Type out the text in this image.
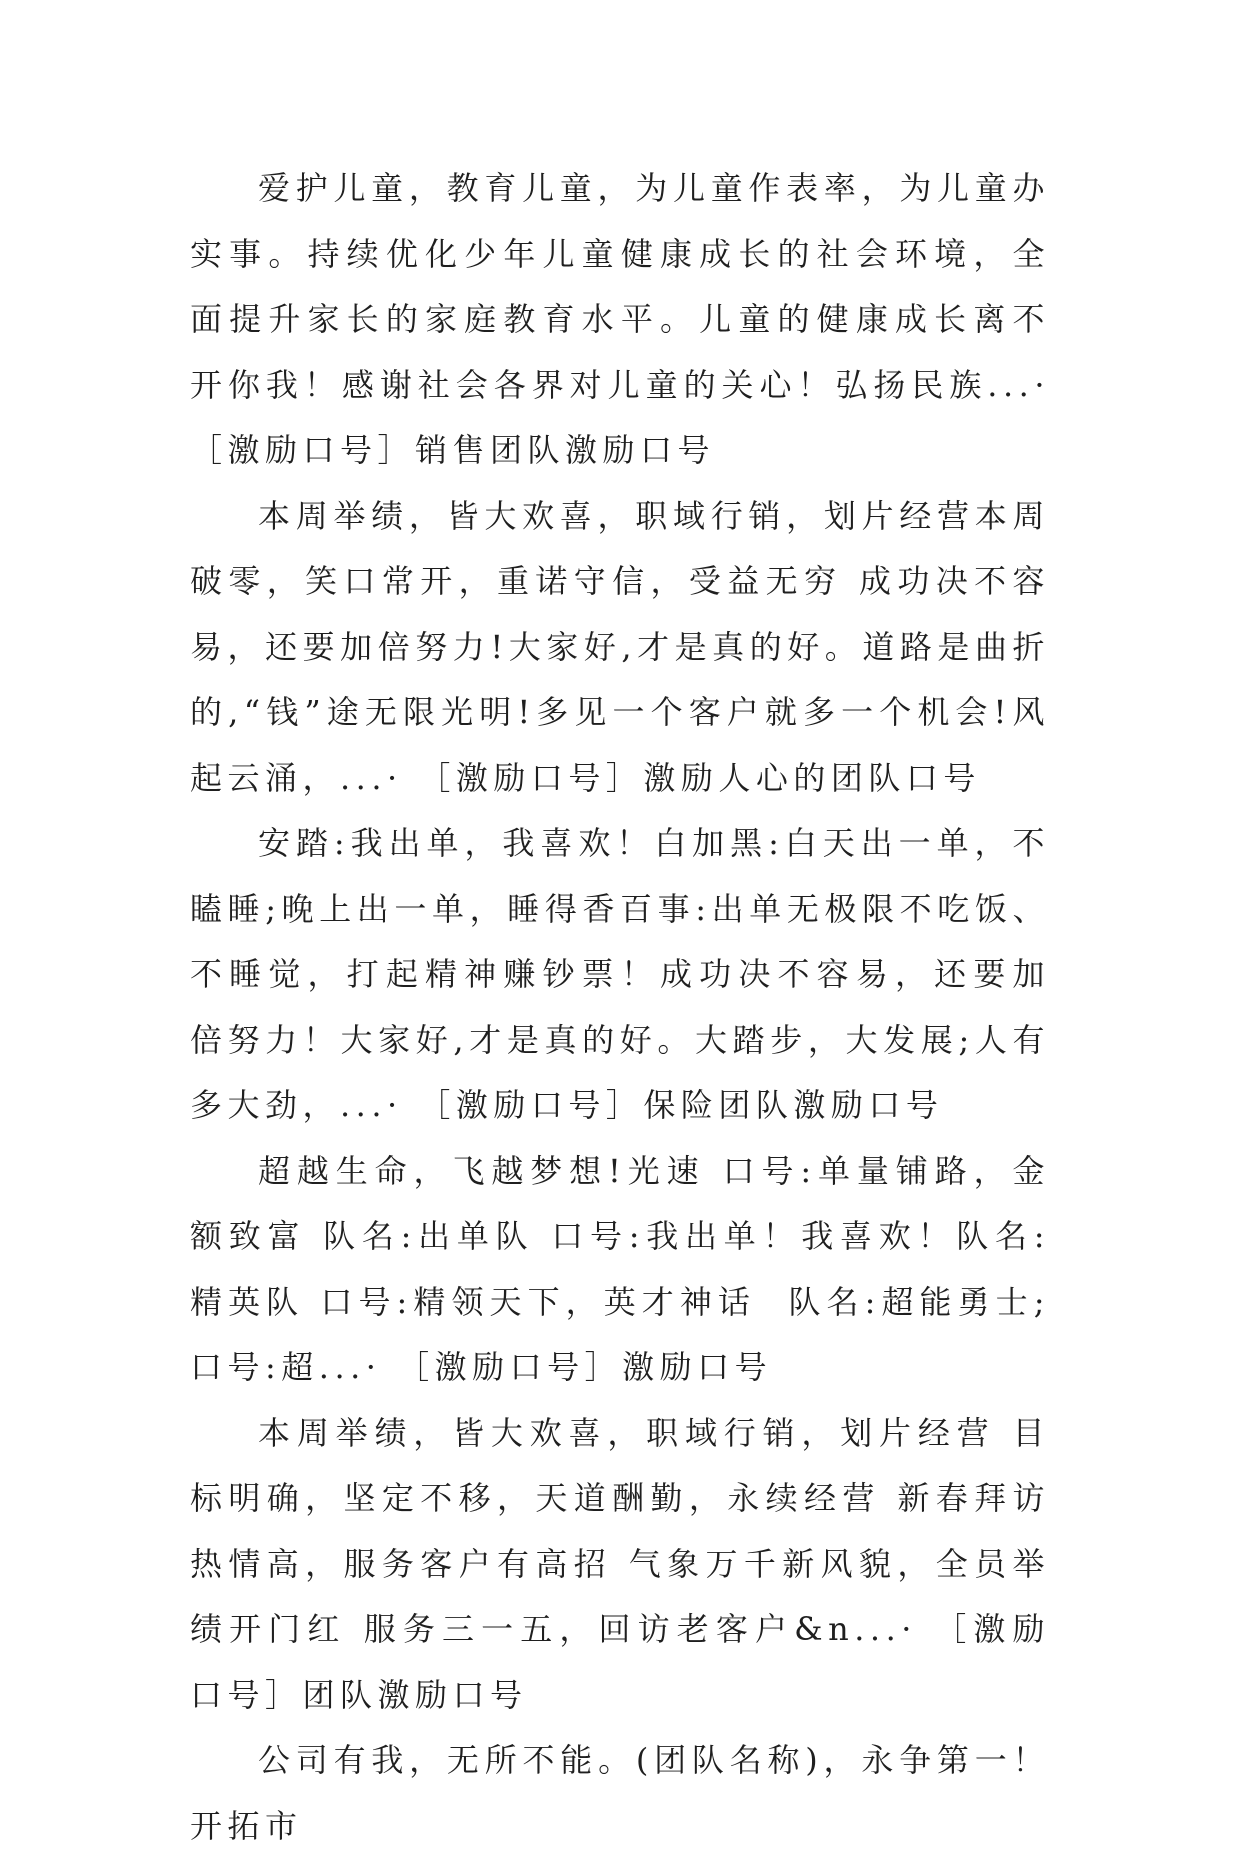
爱护儿童，教育儿童，为儿童作表率，为儿童办实事。持续优化少年儿童健康成长的社会环境，全面提升家长的家庭教育水平。儿童的健康成长离不开你我！感谢社会各界对儿童的关心！弘扬民族...· ［激励口号］销售团队激励口号

本周举绩，皆大欢喜，职域行销，划片经营本周破零，笑口常开，重诺守信，受益无穷 成功决不容易，还要加倍努力!大家好,才是真的好。道路是曲折的,“钱”途无限光明!多见一个客户就多一个机会!风起云涌，...· ［激励口号］激励人心的团队口号

安踏:我出单，我喜欢！白加黑:白天出一单，不瞌睡;晚上出一单，睡得香百事:出单无极限不吃饭、不睡觉，打起精神赚钞票！成功决不容易，还要加倍努力！大家好,才是真的好。大踏步，大发展;人有多大劲，...· ［激励口号］保险团队激励口号

超越生命，飞越梦想!光速 口号:单量铺路，金额致富 队名:出单队 口号:我出单！我喜欢！队名:精英队 口号:精领天下，英才神话  队名:超能勇士; 口号:超...· ［激励口号］激励口号

本周举绩，皆大欢喜，职域行销，划片经营 目标明确，坚定不移，天道酬勤，永续经营 新春拜访热情高，服务客户有高招 气象万千新风貌，全员举绩开门红 服务三一五，回访老客户&n...· ［激励口号］团队激励口号

公司有我，无所不能。(团队名称)，永争第一！开拓市
